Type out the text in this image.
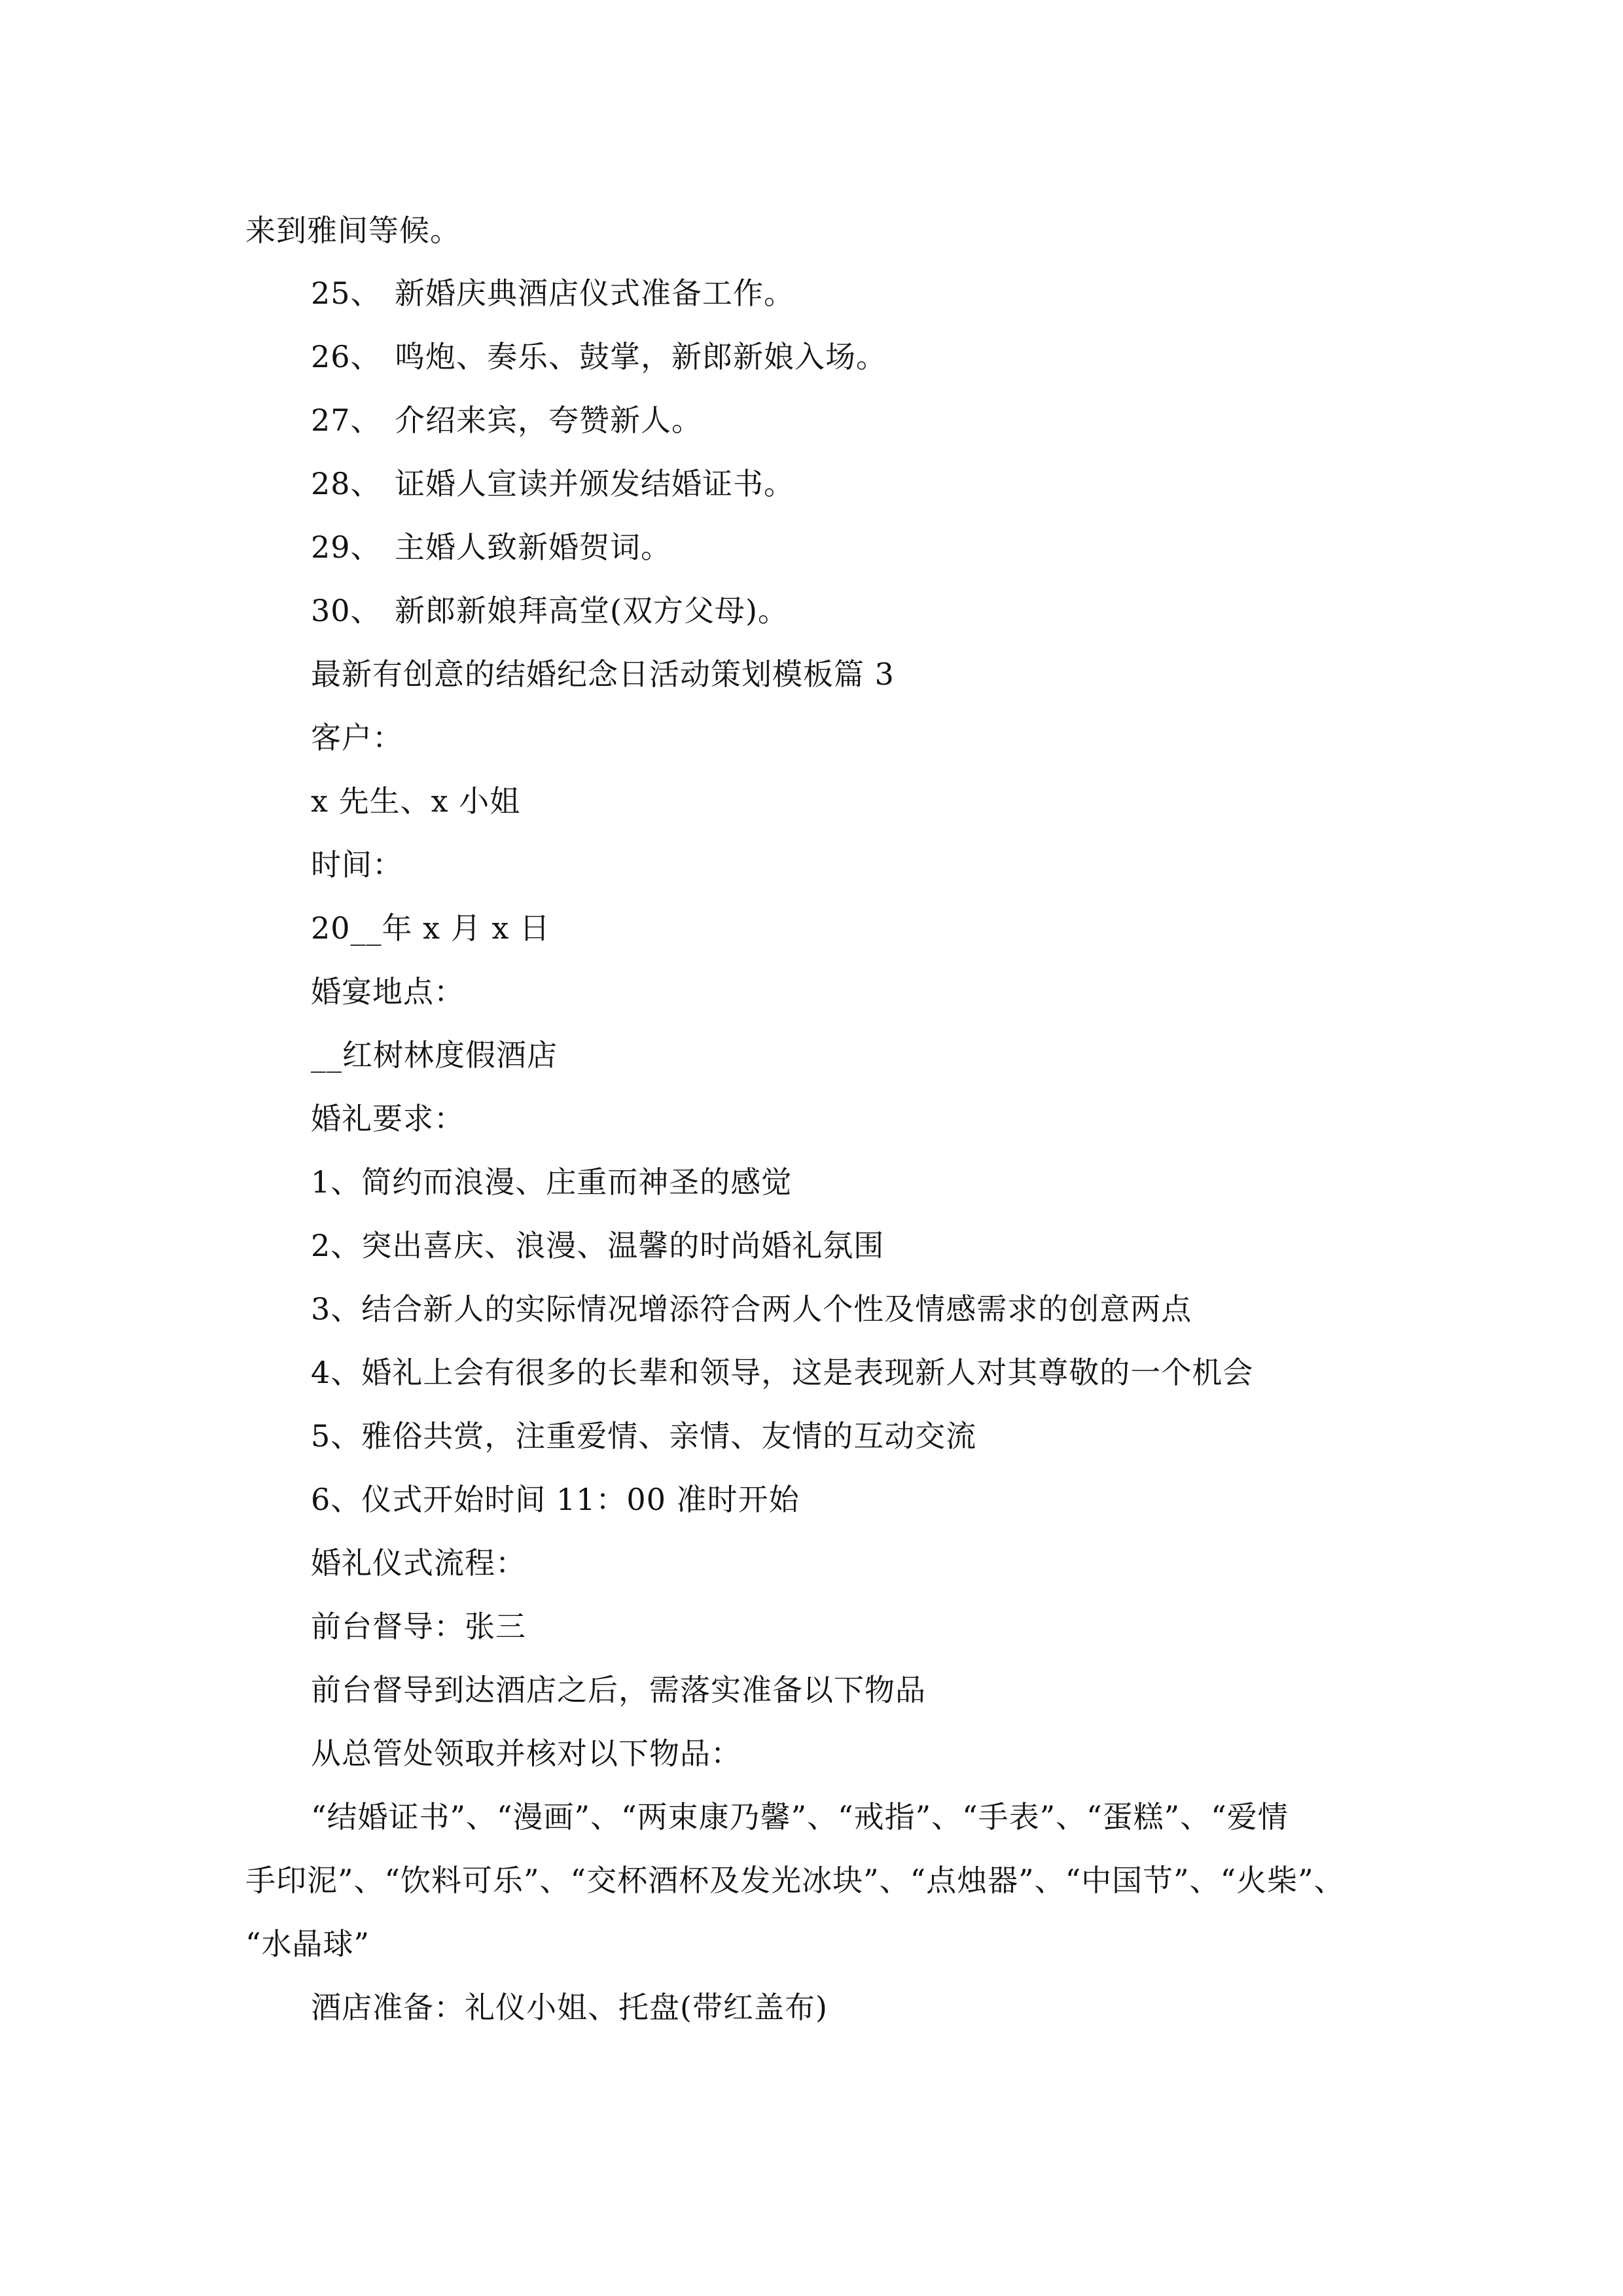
来到雅间等候。
25、 新婚庆典酒店仪式准备工作。
26、 鸣炮、奏乐、鼓掌，新郎新娘入场。
27、 介绍来宾，夸赞新人。
28、 证婚人宣读并颁发结婚证书。
29、 主婚人致新婚贺词。
30、 新郎新娘拜高堂(双方父母)。
最新有创意的结婚纪念日活动策划模板篇 3
客户：
x 先生、x 小姐
时间：
20__年 x 月 x 日
婚宴地点：
__红树林度假酒店
婚礼要求：
1、简约而浪漫、庄重而神圣的感觉
2、突出喜庆、浪漫、温馨的时尚婚礼氛围
3、结合新人的实际情况增添符合两人个性及情感需求的创意两点
4、婚礼上会有很多的长辈和领导，这是表现新人对其尊敬的一个机会
5、雅俗共赏，注重爱情、亲情、友情的互动交流
6、仪式开始时间 11：00 准时开始
婚礼仪式流程：
前台督导：张三
前台督导到达酒店之后，需落实准备以下物品
从总管处领取并核对以下物品：
“结婚证书”、“漫画”、“两束康乃馨”、“戒指”、“手表”、“蛋糕”、“爱情
手印泥”、“饮料可乐”、“交杯酒杯及发光冰块”、“点烛器”、“中国节”、“火柴”、
“水晶球”
酒店准备：礼仪小姐、托盘(带红盖布)
